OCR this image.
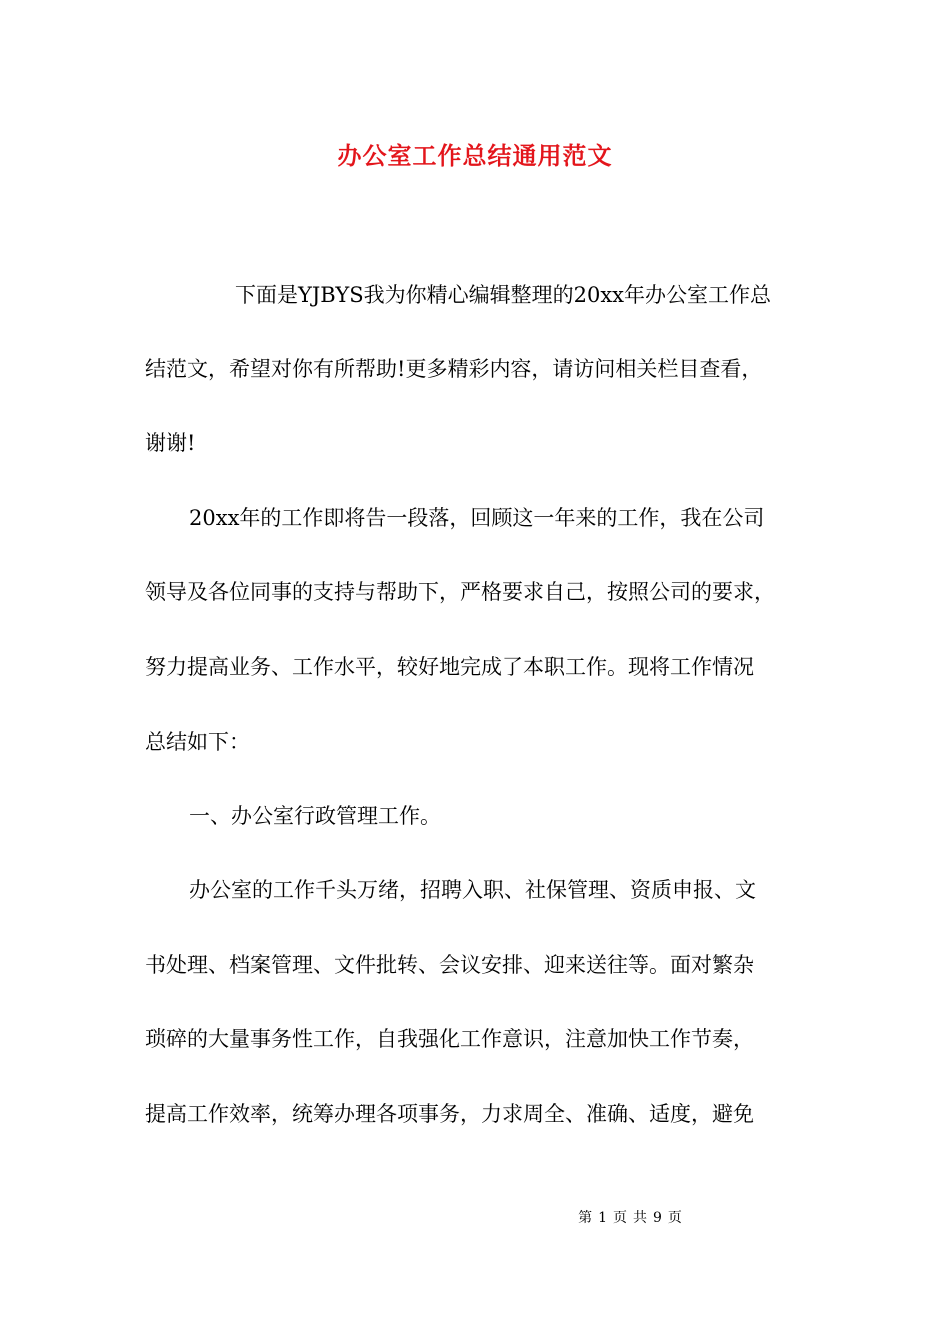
办公室工作总结通用范文
下面是YJBYS我为你精心编辑整理的20xx年办公室工作总
结范文，希望对你有所帮助!更多精彩内容，请访问相关栏目查看，
谢谢!
20xx年的工作即将告一段落，回顾这一年来的工作，我在公司
领导及各位同事的支持与帮助下，严格要求自己，按照公司的要求，
努力提高业务、工作水平，较好地完成了本职工作。现将工作情况
总结如下：
一、办公室行政管理工作。
办公室的工作千头万绪，招聘入职、社保管理、资质申报、文
书处理、档案管理、文件批转、会议安排、迎来送往等。面对繁杂
琐碎的大量事务性工作，自我强化工作意识，注意加快工作节奏，
提高工作效率，统筹办理各项事务，力求周全、准确、适度，避免
第 1 页 共 9 页
